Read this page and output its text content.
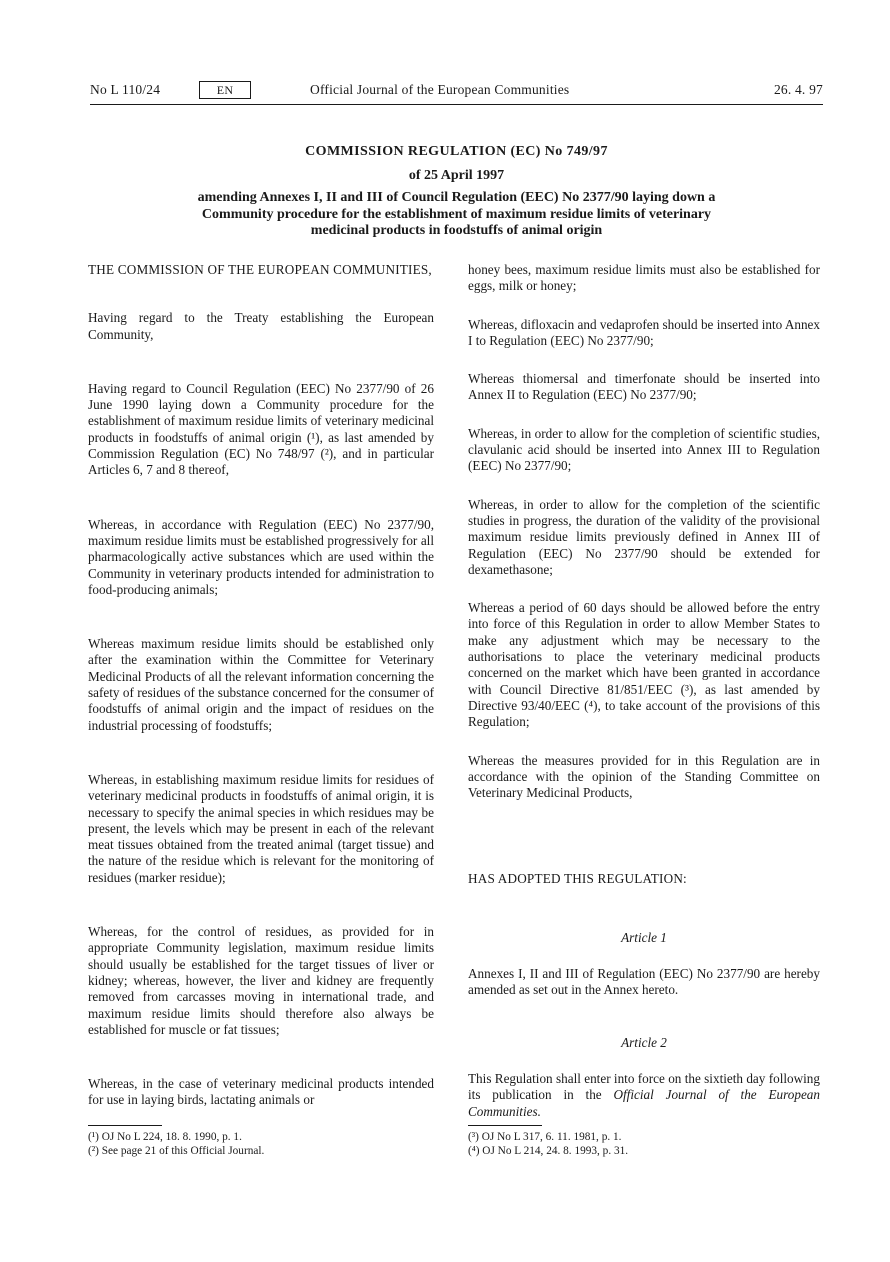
No L 110/24	EN	Official Journal of the European Communities	26. 4. 97
COMMISSION REGULATION (EC) No 749/97
of 25 April 1997
amending Annexes I, II and III of Council Regulation (EEC) No 2377/90 laying down a Community procedure for the establishment of maximum residue limits of veterinary medicinal products in foodstuffs of animal origin

THE COMMISSION OF THE EUROPEAN COMMUNITIES,

Having regard to the Treaty establishing the European Community,

Having regard to Council Regulation (EEC) No 2377/90 of 26 June 1990 laying down a Community procedure for the establishment of maximum residue limits of veterinary medicinal products in foodstuffs of animal origin (¹), as last amended by Commission Regulation (EC) No 748/97 (²), and in particular Articles 6, 7 and 8 thereof,

Whereas, in accordance with Regulation (EEC) No 2377/90, maximum residue limits must be established progressively for all pharmacologically active substances which are used within the Community in veterinary products intended for administration to food-producing animals;

Whereas maximum residue limits should be established only after the examination within the Committee for Veterinary Medicinal Products of all the relevant information concerning the safety of residues of the substance concerned for the consumer of foodstuffs of animal origin and the impact of residues on the industrial processing of foodstuffs;

Whereas, in establishing maximum residue limits for residues of veterinary medicinal products in foodstuffs of animal origin, it is necessary to specify the animal species in which residues may be present, the levels which may be present in each of the relevant meat tissues obtained from the treated animal (target tissue) and the nature of the residue which is relevant for the monitoring of residues (marker residue);

Whereas, for the control of residues, as provided for in appropriate Community legislation, maximum residue limits should usually be established for the target tissues of liver or kidney; whereas, however, the liver and kidney are frequently removed from carcasses moving in international trade, and maximum residue limits should therefore also always be established for muscle or fat tissues;

Whereas, in the case of veterinary medicinal products intended for use in laying birds, lactating animals or

honey bees, maximum residue limits must also be established for eggs, milk or honey;

Whereas, difloxacin and vedaprofen should be inserted into Annex I to Regulation (EEC) No 2377/90;

Whereas thiomersal and timerfonate should be inserted into Annex II to Regulation (EEC) No 2377/90;

Whereas, in order to allow for the completion of scientific studies, clavulanic acid should be inserted into Annex III to Regulation (EEC) No 2377/90;

Whereas, in order to allow for the completion of the scientific studies in progress, the duration of the validity of the provisional maximum residue limits previously defined in Annex III of Regulation (EEC) No 2377/90 should be extended for dexamethasone;

Whereas a period of 60 days should be allowed before the entry into force of this Regulation in order to allow Member States to make any adjustment which may be necessary to the authorisations to place the veterinary medicinal products concerned on the market which have been granted in accordance with Council Directive 81/851/EEC (³), as last amended by Directive 93/40/EEC (⁴), to take account of the provisions of this Regulation;

Whereas the measures provided for in this Regulation are in accordance with the opinion of the Standing Committee on Veterinary Medicinal Products,

HAS ADOPTED THIS REGULATION:

Article 1

Annexes I, II and III of Regulation (EEC) No 2377/90 are hereby amended as set out in the Annex hereto.

Article 2

This Regulation shall enter into force on the sixtieth day following its publication in the Official Journal of the European Communities.

(¹) OJ No L 224, 18. 8. 1990, p. 1.
(²) See page 21 of this Official Journal.
(³) OJ No L 317, 6. 11. 1981, p. 1.
(⁴) OJ No L 214, 24. 8. 1993, p. 31.
